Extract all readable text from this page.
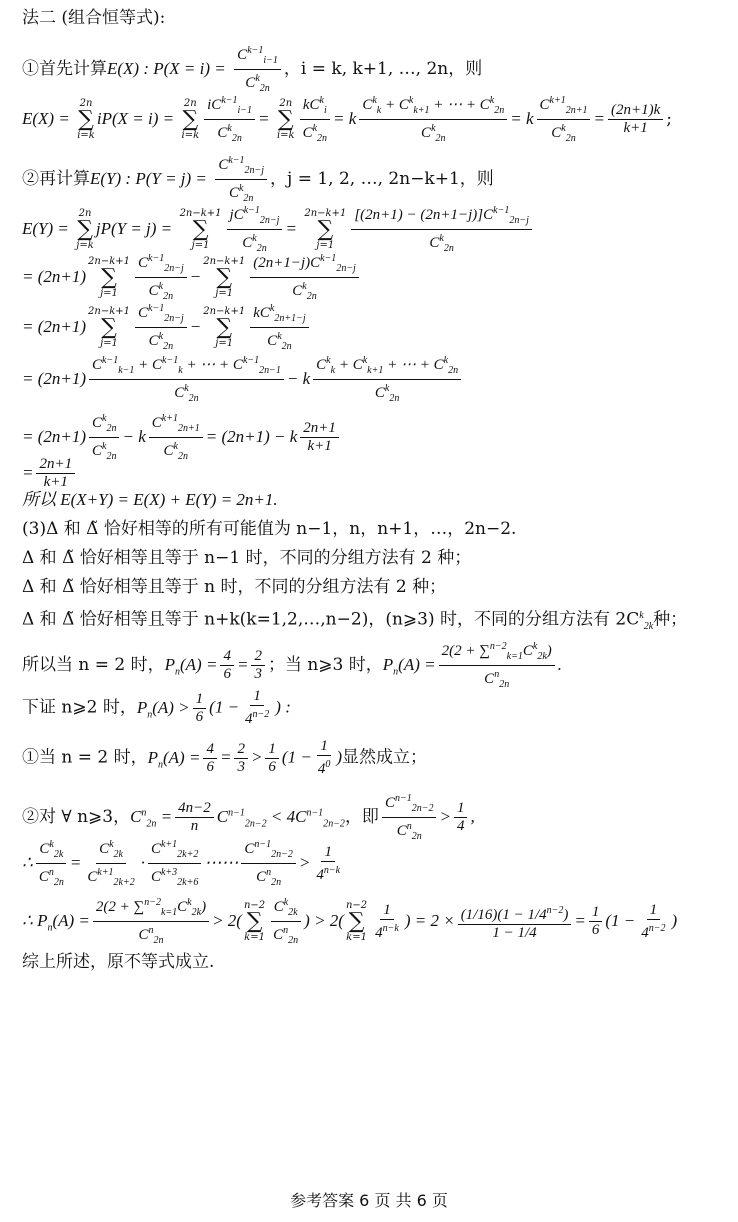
法二 (组合恒等式):
①首先计算E(X) : $P(X = i) = \frac{C^{k-1}_{i-1}}{C^k_{2n}}$ ，i = k, k+1, …, 2n，则
E(X) =
2n
∑
i=k
iP(X = i) =
2n
∑
i=k
$iC^{k-1}_{i-1}$
$C^k_{2n}$
=
2n
∑
i=k
$kC^k_i$
$C^k_{2n}$
= k
$C^k_k + C^k_{k+1}$ + ⋯ + $C^k_{2n}$
$C^k_{2n}$
= k $\frac{C^{k+1}_{2n+1}}{C^k_{2n}} = \frac{(2n+1)k}{k+1}$ ;
②再计算E(Y) : $P(Y = j) = \frac{C^{k-1}_{2n-j}}{C^k_{2n}}$ ，j = 1, 2, …, 2n−k+1，则
E(Y) =
2n
∑
j=k
jP(Y = j) =
2n−k+1
∑
j=1
$jC^{k-1}_{2n-j}$
$C^k_{2n}$
=
2n−k+1
∑
$j=1 \frac{[(2n+1) - (2n+1-j)]C^{k-1}_{2n-j}}{C^k_{2n}}$
= (2n+1)
2n−k+1
∑
$j=1 \frac{C^{k-1}_{2n-j}}{C^k_{2n}}$ −
2n−k+1
∑
$j=1 \frac{(2n+1-j)C^{k-1}_{2n-j}}{C^k_{2n}}$
= (2n+1)
2n−k+1
∑
$j=1 \frac{C^{k-1}_{2n-j}}{C^k_{2n}}$ −
2n−k+1
∑
j=1
$kC^k_{2n+1-j}$
$C^k_{2n}$
= $(2n+1) \frac{C^{k-1}_{k-1} + C^{k-1}_k + \cdots + C^{k-1}_{2n-1}}{C^k_{2n}} - k$
$C^k_k + C^k_{k+1}$ + ⋯ + $C^k_{2n}$
$C^k_{2n}$
= $(2n+1) \frac{C^k_{2n}}{C^k_{2n}} - k \frac{C^{k+1}_{2n+1}}{C^k_{2n}} = (2n+1) - k \frac{2n+1}{k+1}$
= $\frac{2n+1}{k+1}$
所以 E(X+Y) = E(X) + E(Y) = 2n+1.
(3)Δ 和 Δ̃ 恰好相等的所有可能值为 n−1，n，n+1，…，2n−2.
Δ 和 Δ̃ 恰好相等且等于 n−1 时，不同的分组方法有 2 种；
Δ 和 Δ̃ 恰好相等且等于 n 时，不同的分组方法有 2 种；
Δ 和 Δ̃ 恰好相等且等于 n+k(k=1,2,…,n−2)，(n⩾3) 时，不同的分组方法有 $2C^k_{2k}$种；
所以当 n = 2 时，$P_n(A) = \frac{4}{6} = \frac{2}{3}$ ；当 n⩾3 时，$P_n(A) = \frac{2(2 + \sum^{n-2}_{k=1}C^k_{2k})}{C^n_{2n}}$ .
下证 n⩾2 时，$P_n(A) > \frac{1}{6} (1 - \frac{1}{4^{n-2}}$ ) :
①当 n = 2 时，$P_n(A) = \frac{4}{6} = \frac{2}{3} > \frac{1}{6} (1 - \frac{1}{4^0}$ )显然成立；
②对 ∀ n⩾3，$C^n_{2n} = \frac{4n-2}{n} C^{n-1}_{2n-2} < 4C^{n-1}_{2n-2}$，即 $\frac{C^{n-1}_{2n-2}}{C^n_{2n}} > \frac{1}{4}$ ,
∴ $\frac{C^k_{2k}}{C^n_{2n}} = \frac{C^k_{2k}}{C^{k+1}_{2k+2}} \cdot \frac{C^{k+1}_{2k+2}}{C^{k+3}_{2k+6}}$ ⋯⋯ $\frac{C^{n-1}_{2n-2}}{C^n_{2n}} > \frac{1}{4^{n-k}}$
∴ $P_n(A) = \frac{2(2 + \sum^{n-2}_{k=1}C^k_{2k})}{C^n_{2n}} > 2$(
n−2
∑
$k=1 \frac{C^k_{2k}}{C^n_{2n}}$ ) > 2(
n−2
∑
$k=1 \frac{1}{4^{n-k}}$ ) = $2 \times \frac{(1/16)(1 - 1/4^{n-2})}{1 - 1/4} = \frac{1}{6} (1 - \frac{1}{4^{n-2}}$ )
综上所述，原不等式成立.
参考答案 6 页 共 6 页
